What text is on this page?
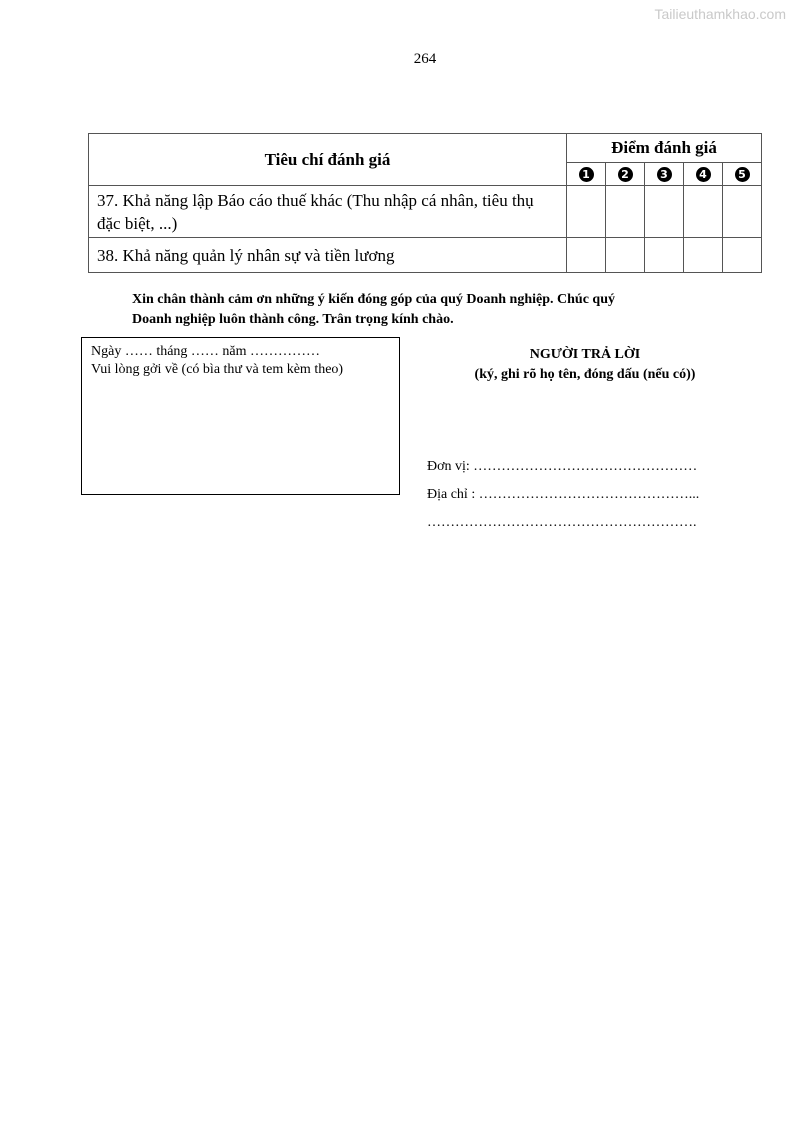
Tailieuthamkhao.com
264
Tiêu chí đánh giá	Điểm đánh giá				
	1	2	3	4	5
37. Khả năng lập Báo cáo thuế khác (Thu nhập cá nhân, tiêu thụ đặc biệt, ...)					
38. Khả năng quản lý nhân sự và tiền lương					
Xin chân thành cảm ơn những ý kiến đóng góp của quý Doanh nghiệp. Chúc quý
Doanh nghiệp luôn thành công. Trân trọng kính chào.
Ngày …… tháng …… năm ……………
Vui lòng gởi về (có bìa thư và tem kèm theo)
NGƯỜI TRẢ LỜI
(ký, ghi rõ họ tên, đóng dấu (nếu có))
Đơn vị: …………………………………………
Địa chỉ : ………………………………………...
………………………………………………….
